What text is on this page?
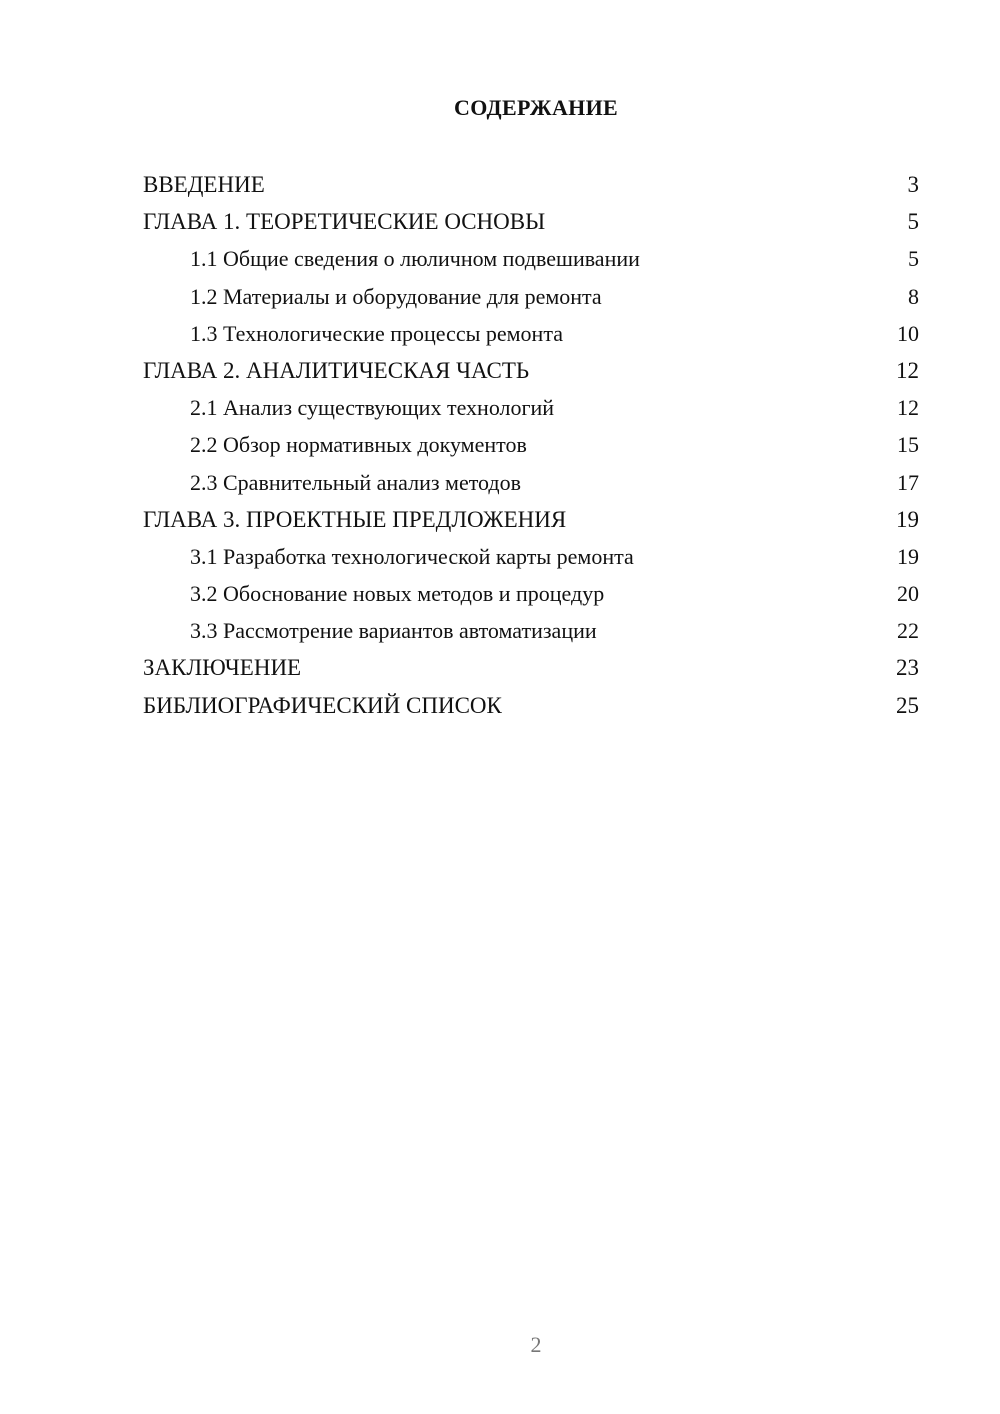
СОДЕРЖАНИЕ
ВВЕДЕНИЕ	3
ГЛАВА 1. ТЕОРЕТИЧЕСКИЕ ОСНОВЫ	5
1.1 Общие сведения о люличном подвешивании	5
1.2 Материалы и оборудование для ремонта	8
1.3 Технологические процессы ремонта	10
ГЛАВА 2. АНАЛИТИЧЕСКАЯ ЧАСТЬ	12
2.1 Анализ существующих технологий	12
2.2 Обзор нормативных документов	15
2.3 Сравнительный анализ методов	17
ГЛАВА 3. ПРОЕКТНЫЕ ПРЕДЛОЖЕНИЯ	19
3.1 Разработка технологической карты ремонта	19
3.2 Обоснование новых методов и процедур	20
3.3 Рассмотрение вариантов автоматизации	22
ЗАКЛЮЧЕНИЕ	23
БИБЛИОГРАФИЧЕСКИЙ СПИСОК	25
2
